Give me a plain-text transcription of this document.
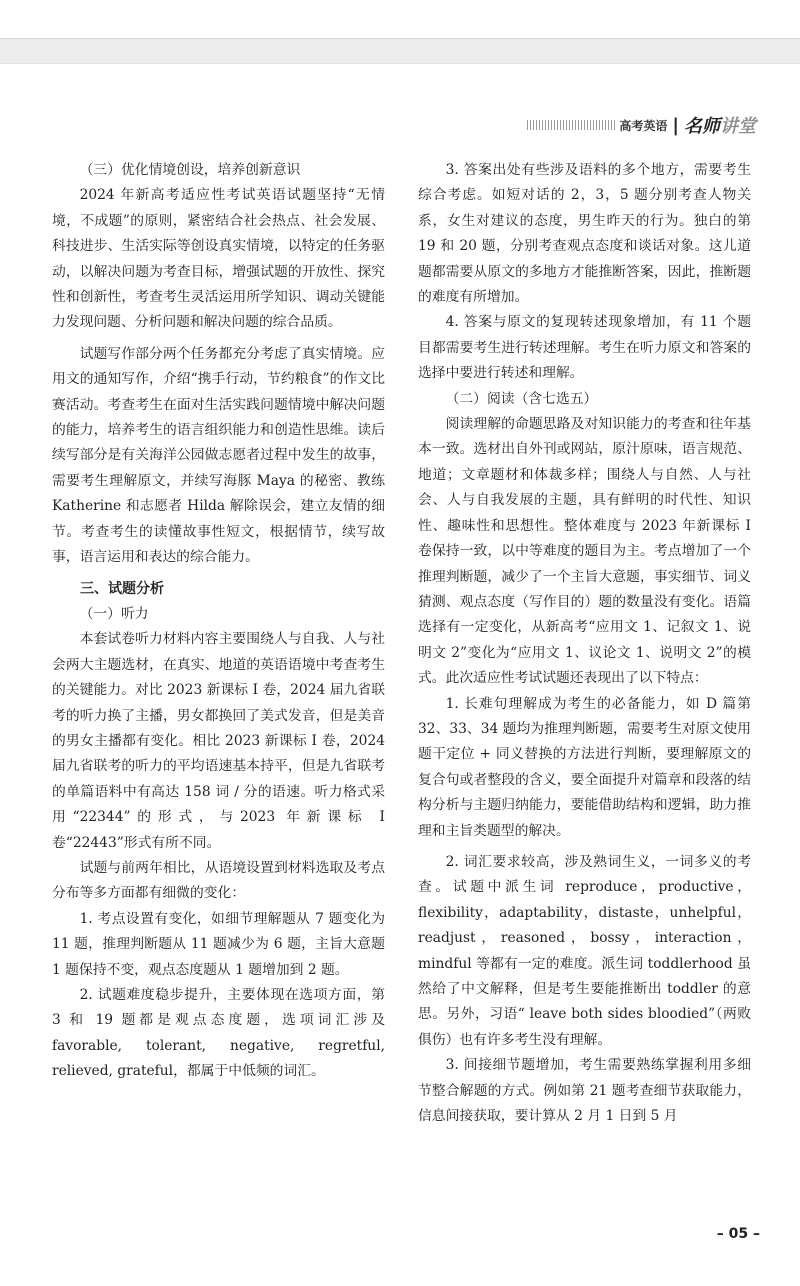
高考英语 | 名师讲堂
（三）优化情境创设，培养创新意识

2024 年新高考适应性考试英语试题坚持“无情境，不成题”的原则，紧密结合社会热点、社会发展、科技进步、生活实际等创设真实情境，以特定的任务驱动，以解决问题为考查目标，增强试题的开放性、探究性和创新性，考查考生灵活运用所学知识、调动关键能力发现问题、分析问题和解决问题的综合品质。

试题写作部分两个任务都充分考虑了真实情境。应用文的通知写作，介绍“携手行动，节约粮食”的作文比赛活动。考查考生在面对生活实践问题情境中解决问题的能力，培养考生的语言组织能力和创造性思维。读后续写部分是有关海洋公园做志愿者过程中发生的故事，需要考生理解原文，并续写海豚 Maya 的秘密、教练 Katherine 和志愿者 Hilda 解除误会，建立友情的细节。考查考生的读懂故事性短文，根据情节，续写故事，语言运用和表达的综合能力。

三、试题分析
（一）听力

本套试卷听力材料内容主要围绕人与自我、人与社会两大主题选材，在真实、地道的英语语境中考查考生的关键能力。对比 2023 新课标 Ⅰ 卷，2024 届九省联考的听力换了主播，男女都换回了美式发音，但是美音的男女主播都有变化。相比 2023 新课标 Ⅰ 卷，2024 届九省联考的听力的平均语速基本持平，但是九省联考的单篇语料中有高达 158 词 / 分的语速。听力格式采用“22344”的形式，与2023 年新课标 Ⅰ 卷“22443”形式有所不同。

试题与前两年相比，从语境设置到材料选取及考点分布等多方面都有细微的变化：

1. 考点设置有变化，如细节理解题从 7 题变化为 11 题，推理判断题从 11 题减少为 6 题，主旨大意题 1 题保持不变，观点态度题从 1 题增加到 2 题。

2. 试题难度稳步提升，主要体现在选项方面，第 3 和 19 题都是观点态度题，选项词汇涉及 favorable, tolerant, negative, regretful, relieved, grateful，都属于中低频的词汇。

3. 答案出处有些涉及语料的多个地方，需要考生综合考虑。如短对话的 2，3，5 题分别考查人物关系，女生对建议的态度，男生昨天的行为。独白的第 19 和 20 题，分别考查观点态度和谈话对象。这儿道题都需要从原文的多地方才能推断答案，因此，推断题的难度有所增加。

4. 答案与原文的复现转述现象增加，有 11 个题目都需要考生进行转述理解。考生在听力原文和答案的选择中要进行转述和理解。

（二）阅读（含七选五）

阅读理解的命题思路及对知识能力的考查和往年基本一致。选材出自外刊或网站，原汁原味，语言规范、地道；文章题材和体裁多样；围绕人与自然、人与社会、人与自我发展的主题，具有鲜明的时代性、知识性、趣味性和思想性。整体难度与 2023 年新课标 Ⅰ 卷保持一致，以中等难度的题目为主。考点增加了一个推理判断题，减少了一个主旨大意题，事实细节、词义猜测、观点态度（写作目的）题的数量没有变化。语篇选择有一定变化，从新高考“应用文 1、记叙文 1、说明文 2”变化为“应用文 1、议论文 1、说明文 2”的模式。此次适应性考试试题还表现出了以下特点：

1. 长难句理解成为考生的必备能力，如 D 篇第 32、33、34 题均为推理判断题，需要考生对原文使用题干定位 + 同义替换的方法进行判断，要理解原文的复合句或者整段的含义，要全面提升对篇章和段落的结构分析与主题归纳能力，要能借助结构和逻辑，助力推理和主旨类题型的解决。

2. 词汇要求较高，涉及熟词生义，一词多义的考查。试题中派生词 reproduce，productive，flexibility，adaptability，distaste，unhelpful，readjust，reasoned，bossy，interaction，mindful 等都有一定的难度。派生词 toddlerhood 虽然给了中文解释，但是考生要能推断出 toddler 的意思。另外，习语“ leave both sides bloodied”（两败俱伤）也有许多考生没有理解。

3. 间接细节题增加，考生需要熟练掌握利用多细节整合解题的方式。例如第 21 题考查细节获取能力，信息间接获取，要计算从 2 月 1 日到 5 月

– 05 –
